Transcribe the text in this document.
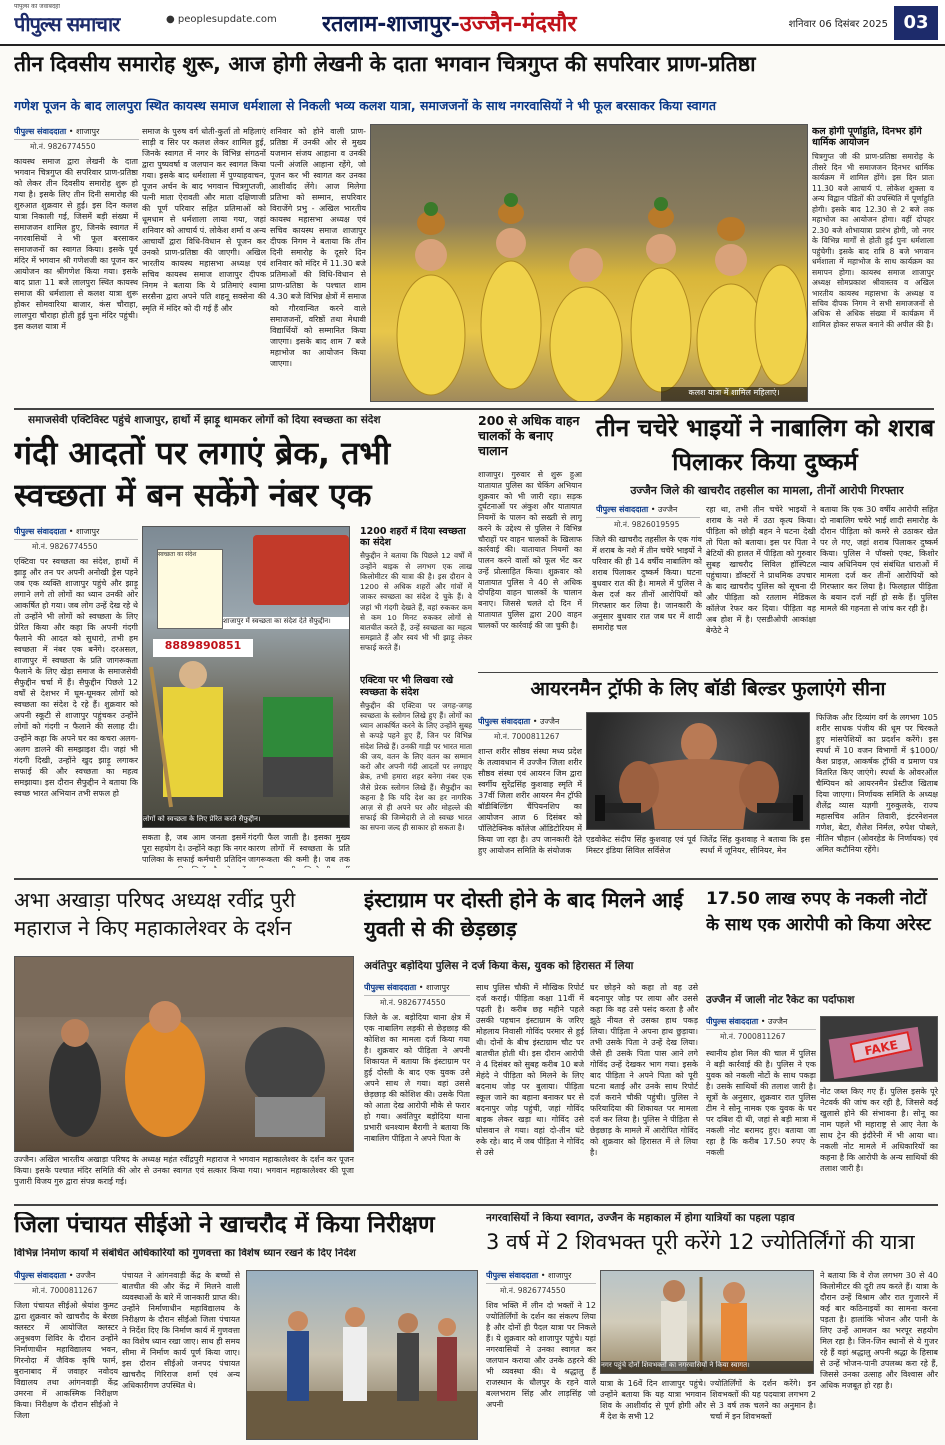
पीपुल्स की जवाबदेही
पीपुल्स समाचार	● peoplesupdate.com	रतलाम-शाजापुर-उज्जैन-मंदसौर	शनिवार 06 दिसंबर 2025 03
तीन दिवसीय समारोह शुरू, आज होगी लेखनी के दाता भगवान चित्रगुप्त की सपरिवार प्राण-प्रतिष्ठा
गणेश पूजन के बाद लालपुरा स्थित कायस्थ समाज धर्मशाला से निकली भव्य कलश यात्रा, समाजजनों के साथ नगरवासियों ने भी फूल बरसाकर किया स्वागत
पीपुल्स संवाददाता • शाजापुर
मो.नं. 9826774550
कायस्थ समाज द्वारा लेखनी के दाता भगवान चित्रगुप्त की सपरिवार प्राण-प्रतिष्ठा को लेकर तीन दिवसीय समारोह शुरू हो गया है। इसके लिए तीन दिनी समारोह की शुरुआत शुक्रवार से हुई। इस दिन कलश यात्रा निकाली गई, जिसमें बड़ी संख्या में समाजजन शामिल हुए, जिनके स्वागत में नगरवासियों ने भी फूल बरसाकर समाजजनों का स्वागत किया। इसके पूर्व मंदिर में भगवान श्री गणेशजी का पूजन कर आयोजन का श्रीगणेश किया गया। इसके बाद प्रातः 11 बजे लालपुरा स्थित कायस्थ समाज की धर्मशाला से कलश यात्रा शुरू होकर सोमवारिया बाजार, कंस चौराहा, लालपुरा चौराहा होती हुई पुनः मंदिर पहुंची। इस कलश यात्रा में
समाज के पुरुष वर्ग धोती-कुर्ता तो महिलाएं साड़ी व सिर पर कलश लेकर शामिल हुई, जिनके स्वागत में नगर के विभिन्न संगठनों द्वारा पुष्पवर्षा व जलपान कर स्वागत किया गया। इसके बाद धर्मशाला में पुण्याहवाचन, पूजन अर्चन के बाद भगवान चित्रगुप्तजी, पत्नी माता ऐरावती और माता दक्षिणाजी की पूर्ण परिवार सहित प्रतिमाओं को धूमधाम से धर्मशाला लाया गया, जहां शनिवार को आचार्य पं. लोकेश शर्मा व अन्य आचार्यों द्वारा विधि-विधान से पूजन कर उनको प्राण-प्रतिष्ठा की जाएगी। अखिल भारतीय कायस्थ महासभा अध्यक्ष एवं सचिव कायस्थ समाज शाजापुर दीपक निगम ने बताया कि ये प्रतिमाएं श्यामा सरसैना द्वारा अपने पति शहनू सक्सेना की स्मृति में मंदिर को दी गई हैं और
शनिवार को होने वाली प्राण-प्रतिष्ठा में उनकी ओर से मुख्य यजमान संजय आहाना व उनकी पत्नी अंजलि आहाना रहेंगे, जो पूजन कर भी स्वागत कर उनका आशीर्वाद लेंगे। आज मिलेगा प्रतिभा को सम्मान, सपरिवार विराजेंगे प्रभु - अखिल भारतीय कायस्थ महासभा अध्यक्ष एवं सचिव कायस्थ समाज शाजापुर दीपक निगम ने बताया कि तीन दिनी समारोह के दूसरे दिन शनिवार को मंदिर में 11.30 बजे प्रतिमाओं की विधि-विधान से प्राण-प्रतिष्ठा के पश्चात शाम 4.30 बजे विभिन्न क्षेत्रों में समाज को गौरवान्वित करने वाले समाजजनों, वरिष्ठों तथा मेधावी विद्यार्थियों को सम्मानित किया जाएगा। इसके बाद शाम 7 बजे महाभोज का आयोजन किया जाएगा।
कलश यात्रा में शामिल महिलाएं।
कल होगी पूर्णाहुति, दिनभर होंगे धार्मिक आयोजन
चित्रगुप्त जी की प्राण-प्रतिष्ठा समारोह के तीसरे दिन भी समाजजन दिनभर धार्मिक कार्यक्रम में शामिल होंगे। इस दिन प्रातः 11.30 बजे आचार्य पं. लोकेश शुक्ला व अन्य विद्वान पंडितों की उपस्थिति में पूर्णाहुति होगी। इसके बाद 12.30 से 2 बजे तक महाभोज का आयोजन होगा। वहीं दोपहर 2.30 बजे शोभायात्रा प्रारंभ होगी, जो नगर के विभिन्न मार्गों से होती हुई पुनः धर्मशाला पहुंचेगी। इसके बाद रात्रि 8 बजे भगवान धर्मशाला में महाभोज के साथ कार्यक्रम का समापन होगा। कायस्थ समाज शाजापुर अध्यक्ष सोमप्रकाश श्रीवास्तव व अखिल भारतीय कायस्थ महासभा के अध्यक्ष व सचिव दीपक निगम ने सभी समाजजनों से अधिक से अधिक संख्या में कार्यक्रम में शामिल होकर सफल बनाने की अपील की है।
समाजसेवी एक्टिविस्ट पहुंचे शाजापुर, हाथों में झाड़ू थामकर लोगों को दिया स्वच्छता का संदेश
गंदी आदतों पर लगाएं ब्रेक, तभी स्वच्छता में बन सकेंगे नंबर एक
पीपुल्स संवाददाता • शाजापुर
मो.नं. 9826774550
एक्टिवा पर स्वच्छता का संदेश, हाथों में झाड़ू और तन पर अपनी अनोखी ड्रेस पहने जब एक व्यक्ति शाजापुर पहुंचे और झाड़ू लगाने लगे तो लोगों का ध्यान उनकी ओर आकर्षित हो गया। जब लोग उन्हें देख रहे थे तो उन्होंने भी लोगों को स्वच्छता के लिए प्रेरित किया और कहा कि अपनी गंदगी फैलाने की आदत को सुधारो, तभी हम स्वच्छता में नंबर एक बनेंगे। दरअसल, शाजापुर में स्वच्छता के प्रति जागरूकता फैलाने के लिए खेड़ा समाज के समाजसेवी सैफुद्दीन चर्चा में हैं। सैफुद्दीन पिछले 12 वर्षों से देशभर में घूम-घूमकर लोगों को स्वच्छता का संदेश दे रहे हैं। शुक्रवार को अपनी स्कूटी से शाजापुर पहुंचकर उन्होंने लोगों को गंदगी न फैलाने की सलाह दी। उन्होंने कहा कि अपने घर का कचरा अलग-अलग डालने की समझाइश दी। जहां भी गंदगी दिखी, उन्होंने खुद झाड़ू लगाकर सफाई की और स्वच्छता का महत्व समझाया। इस दौरान सैफुद्दीन ने बताया कि स्वच्छ भारत अभियान तभी सफल हो
स्वच्छता का संदेश
शाजापुर में स्वच्छता का संदेश देते सैफुद्दीन।
8889890851
लोगों को स्वच्छता के लिए प्रेरित करते सैफुद्दीन।
सकता है, जब आम जनता इसमें पूरा सहयोग दे। उन्होंने कहा कि नगर पालिका के सफाई कर्मचारी प्रतिदिन
गंदगी फैल जाती है। इसका मुख्य कारण लोगों में स्वच्छता के प्रति जागरूकता की कमी है। जब तक
1200 शहरों में दिया स्वच्छता का संदेश
सैफुद्दीन ने बताया कि पिछले 12 वर्षों में उन्होंने बाइक से लगभग एक लाख किलोमीटर की यात्रा की है। इस दौरान वे 1200 से अधिक शहरों और गांवों में जाकर स्वच्छता का संदेश दे चुके हैं। वे जहां भी गंदगी देखते हैं, वहां रुककर कम से कम 10 मिनट रुककर लोगों से बातचीत करते हैं, उन्हें स्वच्छता का महत्व समझाते हैं और स्वयं भी भी झाड़ू लेकर सफाई करते हैं।
एक्टिवा पर भी लिखवा रखे स्वच्छता के संदेश
सैफुद्दीन की एक्टिवा पर जगह-जगह स्वच्छता के स्लोगन लिखे हुए हैं। लोगों का ध्यान आकर्षित करने के लिए उन्होंने सुबह से कपड़े पहने हुए हैं, जिन पर विभिन्न संदेश लिखे हैं। उनकी गाड़ी पर भारत माता की जय, वतन के लिए वतन का सम्मान करो और अपनी गंदी आदतों पर लगाइए ब्रेक, तभी हमारा शहर बनेगा नंबर एक जैसे प्रेरक स्लोगन लिखे हैं। सैफुद्दीन का कहना है कि यदि देश का हर नागरिक आज़ से ही अपने घर और मोहल्ले की सफाई की जिम्मेदारी ले तो स्वच्छ भारत का सपना जल्द ही साकार हो सकता है।
200 से अधिक वाहन चालकों के बनाए चालान
शाजापुर। गुरुवार से शुरू हुआ यातायात पुलिस का चेकिंग अभियान शुक्रवार को भी जारी रहा। सड़क दुर्घटनाओं पर अंकुश और यातायात नियमों के पालन को सख्ती से लागू करने के उद्देश्य से पुलिस ने विभिन्न चौराहों पर वाहन चालकों के खिलाफ कार्रवाई की। यातायात नियमों का पालन करने वालों को फूल भेंट कर उन्हें प्रोत्साहित किया। शुक्रवार को यातायात पुलिस ने 40 से अधिक दोपहिया वाहन चालकों के चालान बनाए। जिससे चलते दो दिन में यातायात पुलिस द्वारा 200 वाहन चालकों पर कार्रवाई की जा चुकी है।
तीन चचेरे भाइयों ने नाबालिग को शराब पिलाकर किया दुष्कर्म
उज्जैन जिले की खाचरौद तहसील का मामला, तीनों आरोपी गिरफ्तार
पीपुल्स संवाददाता • उज्जैन
मो.नं. 9826019595
जिले की खाचरौद तहसील के एक गांव में शराब के नशे में तीन चचेरे भाइयों ने परिवार की ही 14 वर्षीय नाबालिग को शराब पिलाकर दुष्कर्म किया। घटना बुधवार रात की है। मामले में पुलिस ने केस दर्ज कर तीनों आरोपियों को गिरफ्तार कर लिया है। जानकारी के अनुसार बुधवार रात जब घर में शादी समारोह चल
रहा था, तभी तीन चचेरे भाइयों ने शराब के नशे में उठा कृत्य किया। पीड़िता को छोड़ी बहन ने घटना देखी तो पिता को बताया। इस पर पिता ने बेटियों की हालत में पीड़िता को गुरुवार सुबह खाचरौद सिविल हॉस्पिटल पहुंचाया। डॉक्टरों ने प्राथमिक उपचार के बाद खाचरौद पुलिस को सूचना दी और पीड़िता को रतलाम मेडिकल कॉलेज रेफर कर दिया। पीड़िता वह अब होश में है। एसडीओपी आकांक्षा बेग्ठेटे ने
बताया कि एक 30 वर्षीय आरोपी सहित दो नाबालिग चचेरे भाई शादी समारोह के दौरान पीड़िता को कमरे से उठाकर खेत पर ले गए, जहां शराब पिलाकर दुष्कर्म किया। पुलिस ने पॉक्सो एक्ट, किशोर न्याय अधिनियम एवं संबंधित धाराओं में मामला दर्ज कर तीनों आरोपियों को गिरफ्तार कर लिया है। फिलहाल पीड़िता के बयान दर्ज नहीं हो सके हैं। पुलिस मामले की गहनता से जांच कर रही है।
आयरनमैन ट्रॉफी के लिए बॉडी बिल्डर फुलाएंगे सीना
पीपुल्स संवाददाता • उज्जैन
मो.नं. 7000811267
शान्त शरीर सौष्ठव संस्था मध्य प्रदेश के तत्वावधान में उज्जैन जिला शरीर सौष्ठव संस्था एवं आयरन जिम द्वारा स्वर्गीय सुरेंद्रसिंह कुशवाह स्मृति में 37वीं जिला शरीर आयरन मैन ट्रॉफी बॉडीबिल्डिंग चैंपियनशिप का आयोजन आज 6 दिसंबर को पॉलिटेक्निक कॉलेज ऑडिटोरियम में किया जा रहा है। उप जानकारी देते हुए आयोजन समिति के संयोजक
एडवोकेट संदीप सिंह कुशवाह एवं पूर्व मिस्टर इंडिया सिविल सर्विसेज
जितेंद्र सिंह कुशवाह ने बताया कि इस स्पर्धा में जूनियर, सीनियर, मेन
फिजिक और दिव्यांग वर्ग के लगभग 105 शरीर साधक पंजीय की धूम पर चिरकते हुए मांसपेशियों का प्रदर्शन करेंगे। इस स्पर्धा में 10 वजन विभागों में $1000/ कैश प्राइज़, आकर्षक ट्रॉफी व प्रमाण पत्र वितरित किए जाएंगे। स्पर्धा के ओवरऑल चैम्पियन को आयरनमैन प्रेस्टीज खिताब दिया जाएगा। निर्णायक समिति के अध्यक्ष शैलेंद्र व्यास यज्ञगी गुरुकुलके, राज्य महासचिव अतिन तिवारी, इंटरनेशनल गणेश, बेटा, शैलेश निर्मल, रुपेश पोबले, नीतिन चौहान (ओवरहेड के निर्णायक) एवं अमित कटौनिया रहेंगे।
अभा अखाड़ा परिषद अध्यक्ष रवींद्र पुरी महाराज ने किए महाकालेश्वर के दर्शन
उज्जैन। अखिल भारतीय अखाड़ा परिषद के अध्यक्ष महंत रवींद्रपुरी महाराज ने भगवान महाकालेश्वर के दर्शन कर पूजन किया। इसके पश्चात मंदिर समिति की ओर से उनका स्वागत एवं सत्कार किया गया। भगवान महाकालेश्वर की पूजा पुजारी विजय गुरु द्वारा संपन्न कराई गई।
इंस्टाग्राम पर दोस्ती होने के बाद मिलने आई युवती से की छेड़छाड़
अवंतिपुर बड़ोदिया पुलिस ने दर्ज किया केस, युवक को हिरासत में लिया
पीपुल्स संवाददाता • शाजापुर
मो.नं. 9826774550
जिले के अ. बड़ोदिया थाना क्षेत्र में एक नाबालिग लड़की से छेड़छाड़ की कोशिश का मामला दर्ज किया गया है। शुक्रवार को पीड़िता ने अपनी शिकायत में बताया कि इंस्टाग्राम पर हुई दोस्ती के बाद एक युवक उसे अपने साथ ले गया। वहां उससे छेड़छाड़ की कोशिश की। उसके पिता को आता देख आरोपी मौके से फरार हो गया। अवंतिपुर बड़ोदिया थाना प्रभारी धनश्याम बैरागी ने बताया कि नाबालिग पीड़िता ने अपने पिता के
साथ पुलिस चौकी में मौखिक रिपोर्ट दर्ज कराई। पीड़िता कक्षा 11वीं में पढ़ती है। करीब छह महीने पहले उसकी पहचान इंस्टाग्राम के जरिए मोहलाय निवासी गोविंद परमार से हुई थी। दोनों के बीच इंस्टाग्राम चौट पर बातचीत होती थी। इस दौरान आरोपी ने 4 दिसंबर को सुबह करीब 10 बजे मेहंदे ने पीड़िता को मिलने के लिए बदनाथ जोड़ पर बुलाया। पीड़िता स्कूल जाने का बहाना बनाकर घर से बदनापुर जोड़ पहुंची, जहां गोविंद बाइक लेकर खड़ा था। गोविंद उसे घोसवान ले गया। वहां दो-तीन घंटे रुके रहे। बाद में जब पीड़िता ने गोविंद से उसे
घर छोड़ने को कहा तो वह उसे बदनापुर जोड़ पर लाया और उससे कहा कि वह उसे पसंद करता है और झूठे नीयत से उसका हाथ पकड़ लिया। पीड़िता ने अपना हाथ छुड़ाया। तभी उसके पिता ने उन्हें देख लिया। जैसे ही उसके पिता पास आने लगे गोविंद उन्हें देखकर भाग गया। इसके बाद पीड़िता ने अपने पिता को पूरी घटना बताई और उनके साथ रिपोर्ट दर्ज कराने चौकी पहुंची। पुलिस ने फरियादिया की शिकायत पर मामला दर्ज कर लिया है। पुलिस ने पीड़िता से छेड़छाड़ के मामले में आरोपित गोविंद को शुक्रवार को हिरासत में ले लिया है।
17.50 लाख रुपए के नकली नोटों के साथ एक आरोपी को किया अरेस्ट
उज्जैन में जाली नोट रैकेट का पर्दाफाश
पीपुल्स संवाददाता • उज्जैन
मो.नं. 7000811267
स्थानीय होश मिल की चाल में पुलिस ने बड़ी कार्रवाई की है। पुलिस ने एक युवक को नकली नोटों के साथ पकड़ा है। उसके साथियों की तलाश जारी है। सूत्रों के अनुसार, शुक्रवार रात पुलिस टीम ने सोनू नामक एक युवक के घर पर दबिश दी थी, जहां से बड़ी मात्रा में नकली नोट बरामद हुए। बताया जा रहा है कि करीब 17.50 रुपए के नकली
FAKE
नोट जब्त किए गए हैं। पुलिस इसके पूरे नेटवर्क की जांच कर रही है, जिससे कई खुलासे होने की संभावना है। सोनू का नाम पहले भी महाराष्ट्र से आए नेता के साथ ट्रेन की इंदौरेनी में भी आया था। नकली नोट मामले में अधिकारियों का कहना है कि आरोपी के अन्य साथियों की तलाश जारी है।
जिला पंचायत सीईओ ने खाचरौद में किया निरीक्षण
विभिन्न निर्माण कार्यों में संबंधित अधिकारियों को गुणवत्ता का विशेष ध्यान रखने के दिए निर्देश
पीपुल्स संवाददाता • उज्जैन
मो.नं. 7000811267
जिला पंचायत सीईओ श्रेयांश कुमट द्वारा शुक्रवार को खाचरौद के बेरछा क्लस्टर में आयोजित क्लस्टर अनुश्रवण शिविर के दौरान उन्होंने निर्माणाधीन महाविद्यालय भवन, गिरनोदा में जैविक कृषि फार्म, बुरानाबाद में जवाहर नवोदय विद्यालय तथा आंगनवाड़ी केंद्र उमरना में आकस्मिक निरीक्षण किया। निरीक्षण के दौरान सीईओ ने जिला
पंचायत ने आंगनवाड़ी केंद्र के बच्चों से बातचीत की और केंद्र में मिलने वाली व्यवस्थाओं के बारे में जानकारी प्राप्त की। उन्होंने निर्माणाधीन महाविद्यालय के निरीक्षण के दौरान सीईओ जिला पंचायत ने निर्देश दिए कि निर्माण कार्य में गुणवत्ता का विशेष ध्यान रखा जाए। साथ ही समय सीमा में निर्माण कार्य पूर्ण किया जाए। इस दौरान सीईओ जनपद पंचायत खाचरौद गिरिराज शर्मा एवं अन्य अधिकारीगण उपस्थित थे।
नगरवासियों ने किया स्वागत, उज्जैन के महाकाल में होगा यात्रियों का पहला पड़ाव
3 वर्ष में 2 शिवभक्त पूरी करेंगे 12 ज्योतिर्लिंगों की यात्रा
पीपुल्स संवाददाता • शाजापुर
मो.नं. 9826774550
शिव भक्ति में लीन दो भक्तों ने 12 ज्योतिर्लिंगों के दर्शन का संकल्प लिया है और दोनों ही पैदल यात्रा पर निकले हैं। ये शुक्रवार को शाजापुर पहुंचे। यहां नगरवासियों ने उनका स्वागत कर जलपान कराया और उनके ठहरने की भी व्यवस्था की। ये श्रद्धालु हैं राजस्थान के धौलपुर के रहने वाले बल्लभराम सिंह और लाड़सिंह जो अपनी
नगर पहुंचे दोनों शिवभक्तों का नगरवासियों ने किया स्वागत।
यात्रा के 16वें दिन शाजापुर पहुंचे। उन्होंने बताया कि यह यात्रा भगवान शिव के आशीर्वाद से पूर्ण होगी और मैं देश के सभी 12
ज्योतिर्लिंगों के दर्शन करेंगे। इन शिवभक्तों की यह पदयात्रा लगभग 2 से 3 वर्ष तक चलने का अनुमान है। चर्चा में इन शिवभक्तों
ने बताया कि वे रोज लगभग 30 से 40 किलोमीटर की दूरी तय करते हैं। यात्रा के दौरान उन्हें विश्राम और रात गुजारने में कई बार कठिनाइयों का सामना करना पड़ता है। हालांकि भोजन और पानी के लिए उन्हें आमजन का भरपूर सहयोग मिल रहा है। जिन-जिन स्थानों से ये गुजर रहे हैं वहां श्रद्धालु अपनी श्रद्धा के हिसाब से उन्हें भोजन-पानी उपलब्ध करा रहे हैं, जिससे उनका उत्साह और विश्वास और अधिक मजबूत हो रहा है।
